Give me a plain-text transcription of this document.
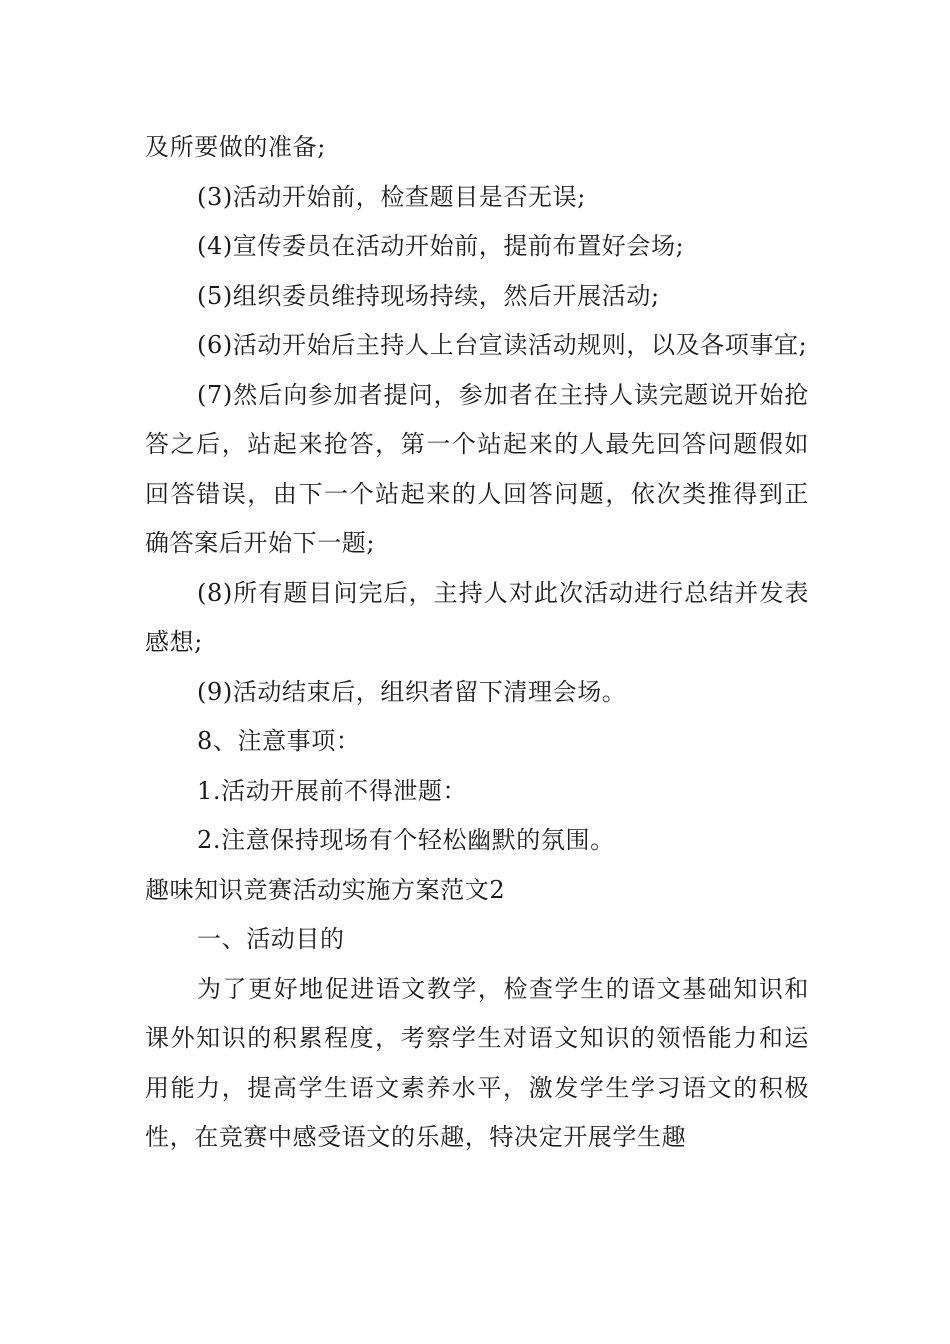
及所要做的准备;

(3)活动开始前，检查题目是否无误;

(4)宣传委员在活动开始前，提前布置好会场;

(5)组织委员维持现场持续，然后开展活动;

(6)活动开始后主持人上台宣读活动规则，以及各项事宜;

(7)然后向参加者提问，参加者在主持人读完题说开始抢答之后，站起来抢答，第一个站起来的人最先回答问题假如回答错误，由下一个站起来的人回答问题，依次类推得到正确答案后开始下一题;

(8)所有题目问完后，主持人对此次活动进行总结并发表感想;

(9)活动结束后，组织者留下清理会场。

8、注意事项：

1.活动开展前不得泄题：

2.注意保持现场有个轻松幽默的氛围。

趣味知识竞赛活动实施方案范文2

一、活动目的

为了更好地促进语文教学，检查学生的语文基础知识和课外知识的积累程度，考察学生对语文知识的领悟能力和运用能力，提高学生语文素养水平，激发学生学习语文的积极性，在竞赛中感受语文的乐趣，特决定开展学生趣
